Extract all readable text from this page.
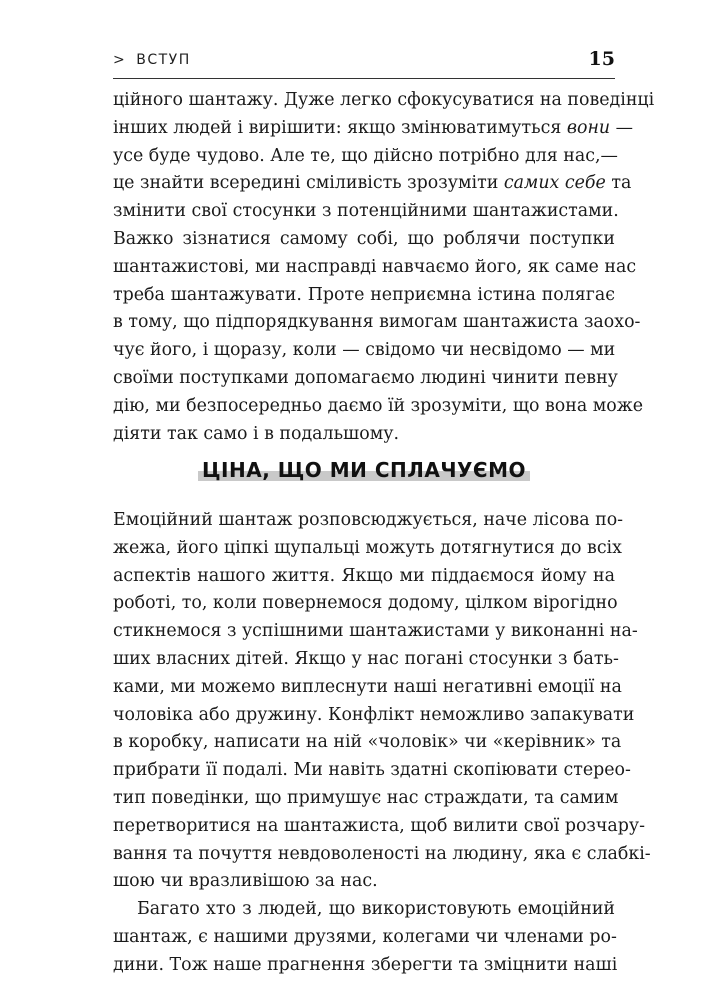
> ВСТУП	15
ційного шантажу. Дуже легко сфокусуватися на поведінці
інших людей і вирішити: якщо змінюватимуться вони —
усе буде чудово. Але те, що дійсно потрібно для нас,—
це знайти всередині сміливість зрозуміти самих себе та
змінити свої стосунки з потенційними шантажистами.
Важко зізнатися самому собі, що роблячи поступки
шантажистові, ми насправді навчаємо його, як саме нас
треба шантажувати. Проте неприємна істина полягає
в тому, що підпорядкування вимогам шантажиста заохо-
чує його, і щоразу, коли — свідомо чи несвідомо — ми
своїми поступками допомагаємо людині чинити певну
дію, ми безпосередньо даємо їй зрозуміти, що вона може
діяти так само і в подальшому.
ЦІНА, ЩО МИ СПЛАЧУЄМО
Емоційний шантаж розповсюджується, наче лісова по-
жежа, його ціпкі щупальці можуть дотягнутися до всіх
аспектів нашого життя. Якщо ми піддаємося йому на
роботі, то, коли повернемося додому, цілком вірогідно
стикнемося з успішними шантажистами у виконанні на-
ших власних дітей. Якщо у нас погані стосунки з бать-
ками, ми можемо виплеснути наші негативні емоції на
чоловіка або дружину. Конфлікт неможливо запакувати
в коробку, написати на ній «чоловік» чи «керівник» та
прибрати її подалі. Ми навіть здатні скопіювати стерео-
тип поведінки, що примушує нас страждати, та самим
перетворитися на шантажиста, щоб вилити свої розчару-
вання та почуття невдоволеності на людину, яка є слабкі-
шою чи вразливішою за нас.
Багато хто з людей, що використовують емоційний
шантаж, є нашими друзями, колегами чи членами ро-
дини. Тож наше прагнення зберегти та зміцнити наші
